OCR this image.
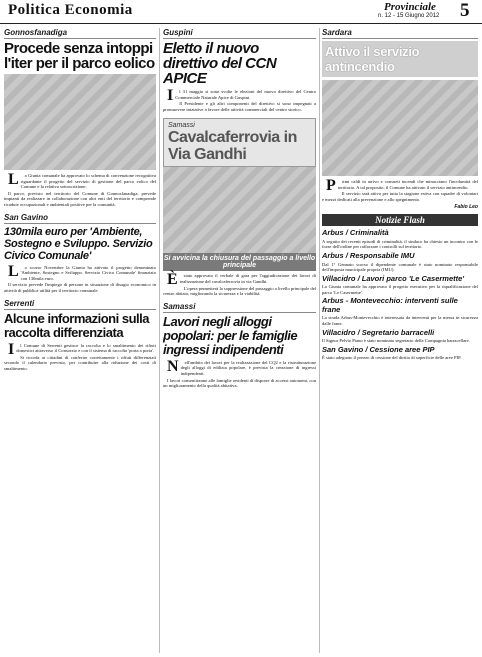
Politica Economia	Provinciale
n. 12 - 15 Giugno 2012 5
Gonnosfanadiga
Procede senza intoppi l'iter per il parco eolico

La Giunta comunale ha approvato lo schema di convenzione recognitiva riguardante il progetto del servizio di gestione del parco eolico del Comune e la relativa sottoscrizione.

Il parco, previsto nel territorio del Comune di Gonnosfanadiga, prevede impianti da realizzare in collaborazione con altri enti del territorio e comprende ricadute occupazionali e ambientali positive per la comunità.

San Gavino
130mila euro per 'Ambiente, Sostegno e Sviluppo. Servizio Civico Comunale'

Lo scorso Novembre la Giunta ha attivato il progetto denominato 'Ambiente, Sostegno e Sviluppo. Servizio Civico Comunale' finanziato con 130mila euro.

Il servizio prevede l'impiego di persone in situazione di disagio economico in attività di pubblica utilità per il territorio comunale.

Serrenti
Alcune informazioni sulla raccolta differenziata

Il Comune di Serrenti gestisce la raccolta e lo smaltimento dei rifiuti domestici attraverso il Consorzio e con il sistema di raccolta 'porta a porta'.

Si ricorda ai cittadini di conferire correttamente i rifiuti differenziati secondo il calendario previsto, per contribuire alla riduzione dei costi di smaltimento.

Guspini
Eletto il nuovo direttivo del CCN APICE

Il 31 maggio si sono svolte le elezioni del nuovo direttivo del Centro Commerciale Naturale Apice di Guspini.

Il Presidente e gli altri componenti del direttivo si sono impegnati a promuovere iniziative a favore delle attività commerciali del centro storico.

Samassi
Cavalcaferrovia in Via Gandhi
Si avvicina la chiusura del passaggio a livello principale

Èstato approvato il verbale di gara per l'aggiudicazione dei lavori di realizzazione del cavalcaferrovia in via Gandhi.

L'opera permetterà la soppressione del passaggio a livello principale del centro abitato, migliorando la sicurezza e la viabilità.

Samassi
Lavori negli alloggi popolari: per le famiglie ingressi indipendenti

Nell'ambito dei lavori per la realizzazione del CQ2 e la ristrutturazione degli alloggi di edilizia popolare, è prevista la creazione di ingressi indipendenti.

I lavori consentiranno alle famiglie residenti di disporre di accessi autonomi, con un miglioramento della qualità abitativa.

Sardara
Attivo il servizio antincendio

Primi caldi in arrivo e consueti incendi che minacciano l'incolumità del territorio. A tal proposito, il Comune ha attivato il servizio antincendio.

Il servizio sarà attivo per tutta la stagione estiva con squadre di volontari e mezzi dedicati alla prevenzione e allo spegnimento.

Fabio Leo
Notizie Flash
Arbus / Criminalità
A seguito dei recenti episodi di criminalità, il sindaco ha chiesto un incontro con le forze dell'ordine per rafforzare i controlli sul territorio.
Arbus / Responsabile IMU
Dal 1° Gennaio scorso il dipendente comunale è stato nominato responsabile dell'imposta municipale propria (IMU).
Villacidro / Lavori parco 'Le Casermette'
La Giunta comunale ha approvato il progetto esecutivo per la riqualificazione del parco 'Le Casermette'.
Arbus - Montevecchio: interventi sulle frane
La strada Arbus-Montevecchio è interessata da interventi per la messa in sicurezza dalle frane.
Villacidro / Segretario barracelli
Il Signor Pelvio Piano è stato nominato segretario della Compagnia barracellare.
San Gavino / Cessione aree PIP
È stato adeguato il prezzo di cessione del diritto di superficie delle aree PIP.
